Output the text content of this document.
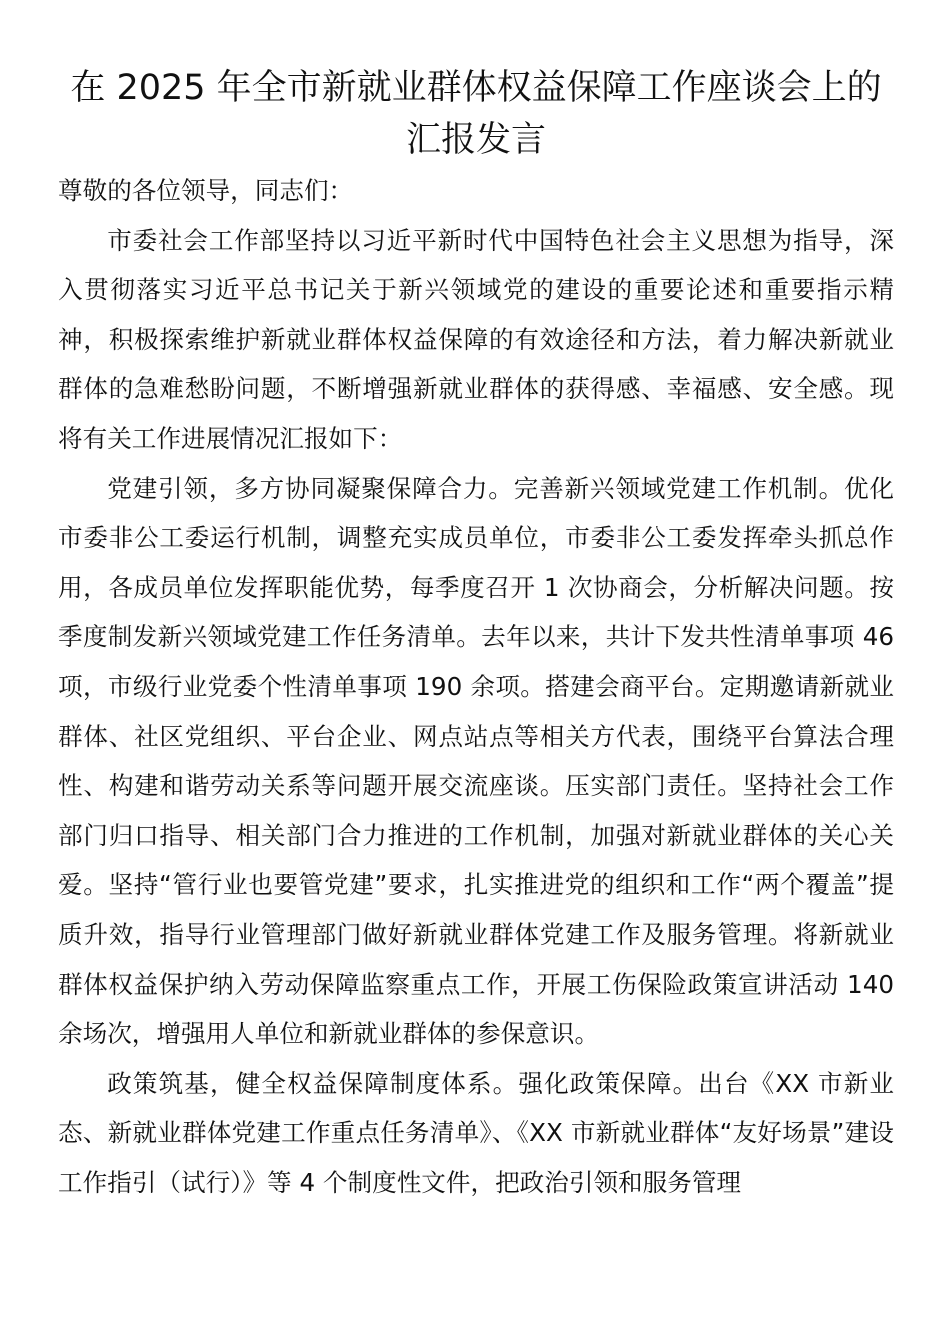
在 2025 年全市新就业群体权益保障工作座谈会上的汇报发言

尊敬的各位领导，同志们：

市委社会工作部坚持以习近平新时代中国特色社会主义思想为指导，深入贯彻落实习近平总书记关于新兴领域党的建设的重要论述和重要指示精神，积极探索维护新就业群体权益保障的有效途径和方法，着力解决新就业群体的急难愁盼问题，不断增强新就业群体的获得感、幸福感、安全感。现将有关工作进展情况汇报如下：

党建引领，多方协同凝聚保障合力。完善新兴领域党建工作机制。优化市委非公工委运行机制，调整充实成员单位，市委非公工委发挥牵头抓总作用，各成员单位发挥职能优势，每季度召开 1 次协商会，分析解决问题。按季度制发新兴领域党建工作任务清单。去年以来，共计下发共性清单事项 46 项，市级行业党委个性清单事项 190 余项。搭建会商平台。定期邀请新就业群体、社区党组织、平台企业、网点站点等相关方代表，围绕平台算法合理性、构建和谐劳动关系等问题开展交流座谈。压实部门责任。坚持社会工作部门归口指导、相关部门合力推进的工作机制，加强对新就业群体的关心关爱。坚持“管行业也要管党建”要求，扎实推进党的组织和工作“两个覆盖”提质升效，指导行业管理部门做好新就业群体党建工作及服务管理。将新就业群体权益保护纳入劳动保障监察重点工作，开展工伤保险政策宣讲活动 140 余场次，增强用人单位和新就业群体的参保意识。

政策筑基，健全权益保障制度体系。强化政策保障。出台《XX 市新业态、新就业群体党建工作重点任务清单》、《XX 市新就业群体“友好场景”建设工作指引（试行）》等 4 个制度性文件，把政治引领和服务管理
